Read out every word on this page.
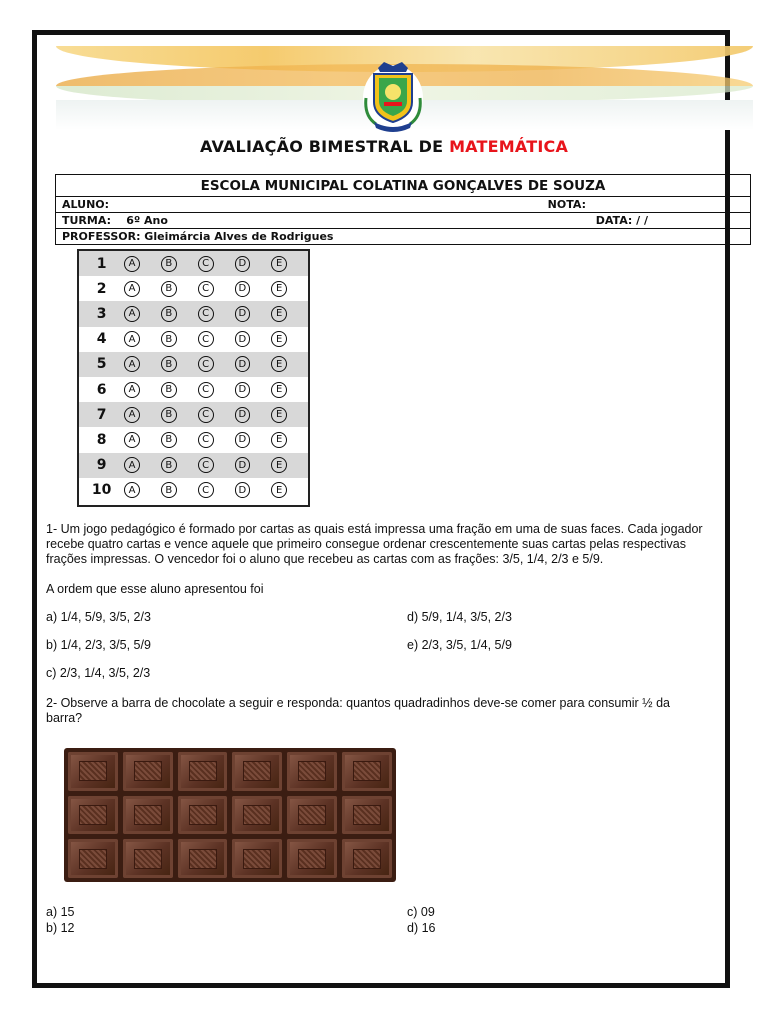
AVALIAÇÃO BIMESTRAL DE MATEMÁTICA
ESCOLA MUNICIPAL COLATINA GONÇALVES DE SOUZA

ALUNO:	NOTA:

TURMA: 6º Ano	DATA: / /

PROFESSOR: Gleimárcia Alves de Rodrigues
1	A	B	C	D	E
2	A	B	C	D	E
3	A	B	C	D	E
4	A	B	C	D	E
5	A	B	C	D	E
6	A	B	C	D	E
7	A	B	C	D	E
8	A	B	C	D	E
9	A	B	C	D	E
10	A	B	C	D	E
1- Um jogo pedagógico é formado por cartas as quais está impressa uma fração em uma de suas faces. Cada jogador recebe quatro cartas e vence aquele que primeiro consegue ordenar crescentemente suas cartas pelas respectivas frações impressas. O vencedor foi o aluno que recebeu as cartas com as frações: 3/5, 1/4, 2/3 e 5/9.
A ordem que esse aluno apresentou foi
a) 1/4, 5/9, 3/5, 2/3	d) 5/9, 1/4, 3/5, 2/3
b) 1/4, 2/3, 3/5, 5/9	e) 2/3, 3/5, 1/4, 5/9
c) 2/3, 1/4, 3/5, 2/3
2- Observe a barra de chocolate a seguir e responda: quantos quadradinhos deve-se comer para consumir ½ da barra?
a) 15	c) 09
b) 12	d) 16
